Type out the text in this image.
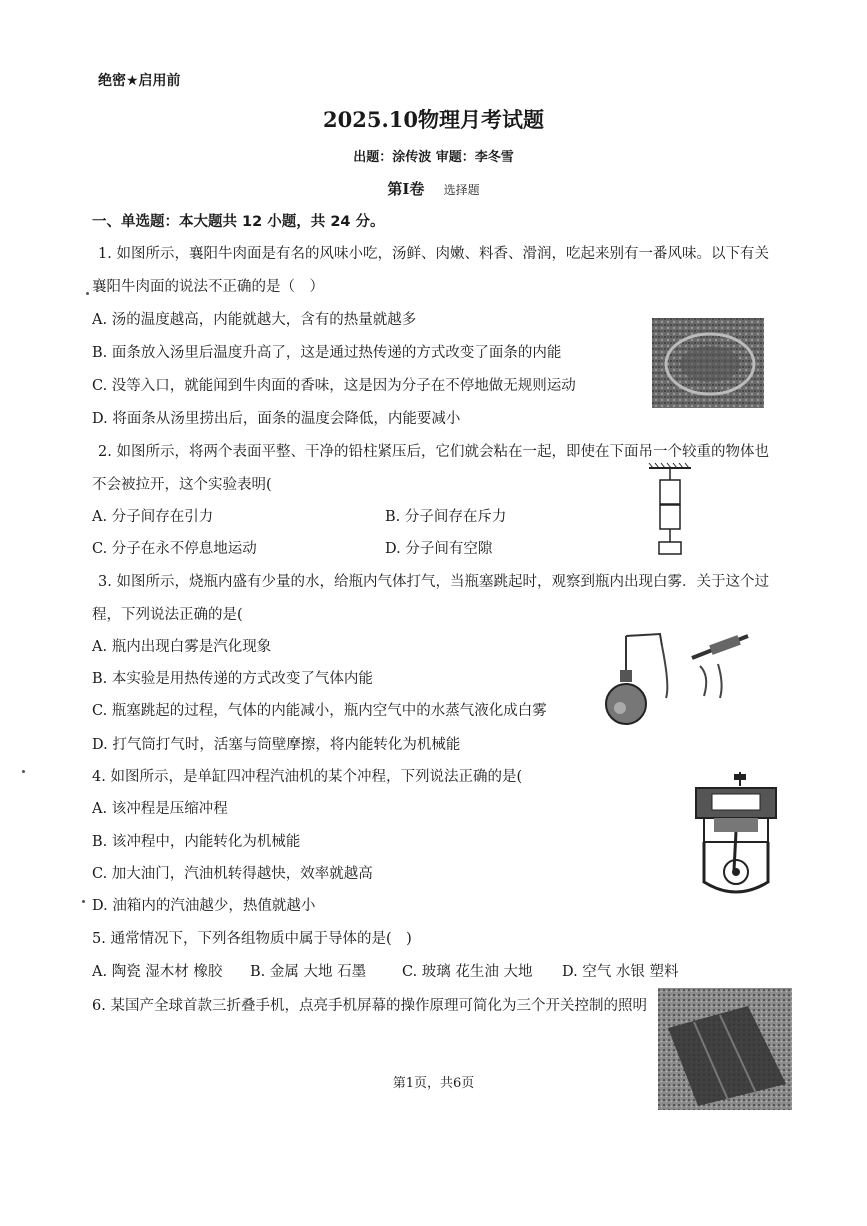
绝密★启用前
2025.10物理月考试题
出题：涂传波 审题：李冬雪
第I卷 选择题
一、单选题：本大题共 12 小题，共 24 分。
1. 如图所示，襄阳牛肉面是有名的风味小吃，汤鲜、肉嫩、料香、滑润，吃起来别有一番风味。以下有关
襄阳牛肉面的说法不正确的是（　）
A. 汤的温度越高，内能就越大，含有的热量就越多
B. 面条放入汤里后温度升高了，这是通过热传递的方式改变了面条的内能
C. 没等入口，就能闻到牛肉面的香味，这是因为分子在不停地做无规则运动
D. 将面条从汤里捞出后，面条的温度会降低，内能要减小
2. 如图所示，将两个表面平整、干净的铅柱紧压后，它们就会粘在一起，即使在下面吊一个较重的物体也
不会被拉开，这个实验表明(
A. 分子间存在引力	B. 分子间存在斥力
C. 分子在永不停息地运动	D. 分子间有空隙
3. 如图所示，烧瓶内盛有少量的水，给瓶内气体打气，当瓶塞跳起时，观察到瓶内出现白雾．关于这个过
程，下列说法正确的是(
A. 瓶内出现白雾是汽化现象
B. 本实验是用热传递的方式改变了气体内能
C. 瓶塞跳起的过程，气体的内能减小，瓶内空气中的水蒸气液化成白雾
D. 打气筒打气时，活塞与筒壁摩擦，将内能转化为机械能
4. 如图所示，是单缸四冲程汽油机的某个冲程，下列说法正确的是(
A. 该冲程是压缩冲程
B. 该冲程中，内能转化为机械能
C. 加大油门，汽油机转得越快，效率就越高
D. 油箱内的汽油越少，热值就越小
5. 通常情况下，下列各组物质中属于导体的是(　)
A. 陶瓷 湿木材 橡胶 B. 金属 大地 石墨 C. 玻璃 花生油 大地 D. 空气 水银 塑料
6. 某国产全球首款三折叠手机，点亮手机屏幕的操作原理可简化为三个开关控制的照明
第1页，共6页
